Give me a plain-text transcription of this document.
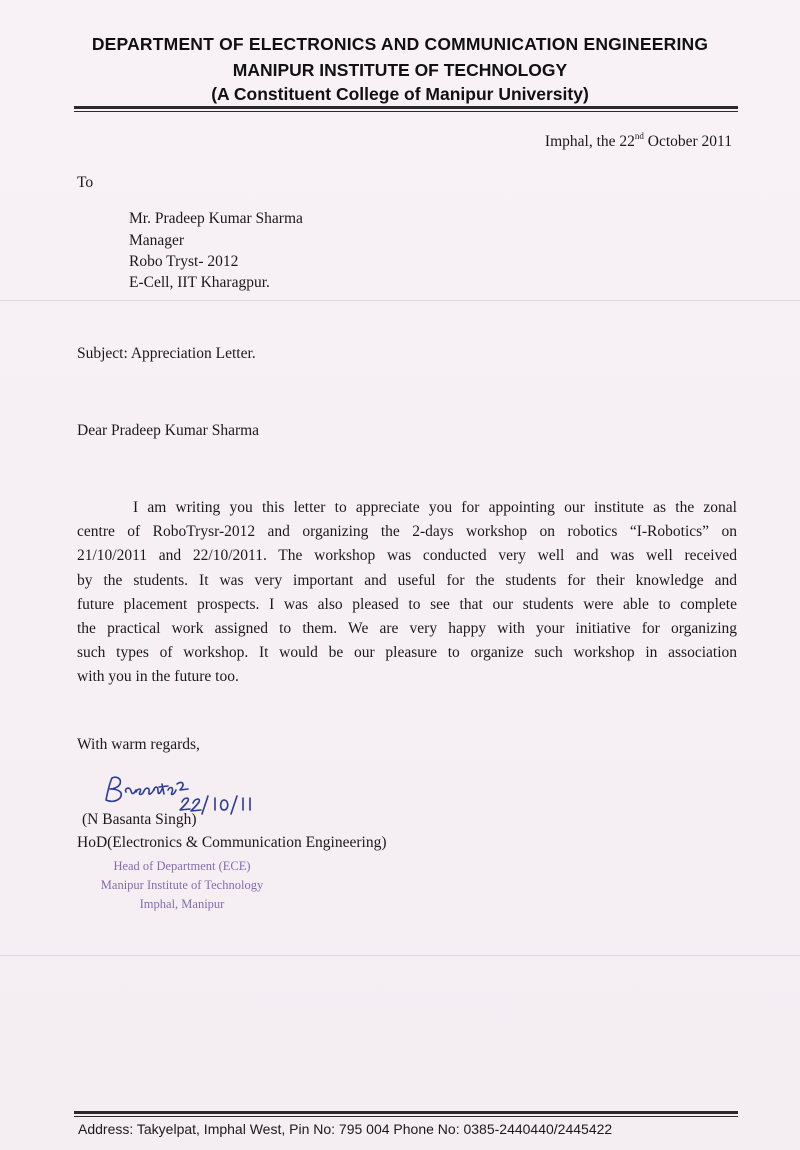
DEPARTMENT OF ELECTRONICS AND COMMUNICATION ENGINEERING
MANIPUR INSTITUTE OF TECHNOLOGY
(A Constituent College of Manipur University)
Imphal, the 22nd October 2011
To
Mr. Pradeep Kumar Sharma
Manager
Robo Tryst- 2012
E-Cell, IIT Kharagpur.
Subject: Appreciation Letter.
Dear Pradeep Kumar Sharma
I am writing you this letter to appreciate you for appointing our institute as the zonal
centre of RoboTrysr-2012 and organizing the 2-days workshop on robotics “I-Robotics” on
21/10/2011 and 22/10/2011. The workshop was conducted very well and was well received
by the students. It was very important and useful for the students for their knowledge and
future placement prospects. I was also pleased to see that our students were able to complete
the practical work assigned to them. We are very happy with your initiative for organizing
such types of workshop. It would be our pleasure to organize such workshop in association
with you in the future too.
With warm regards,
(N Basanta Singh)
HoD(Electronics & Communication Engineering)
Head of Department (ECE)
Manipur Institute of Technology
Imphal, Manipur
Address: Takyelpat, Imphal West, Pin No: 795 004 Phone No: 0385-2440440/2445422
